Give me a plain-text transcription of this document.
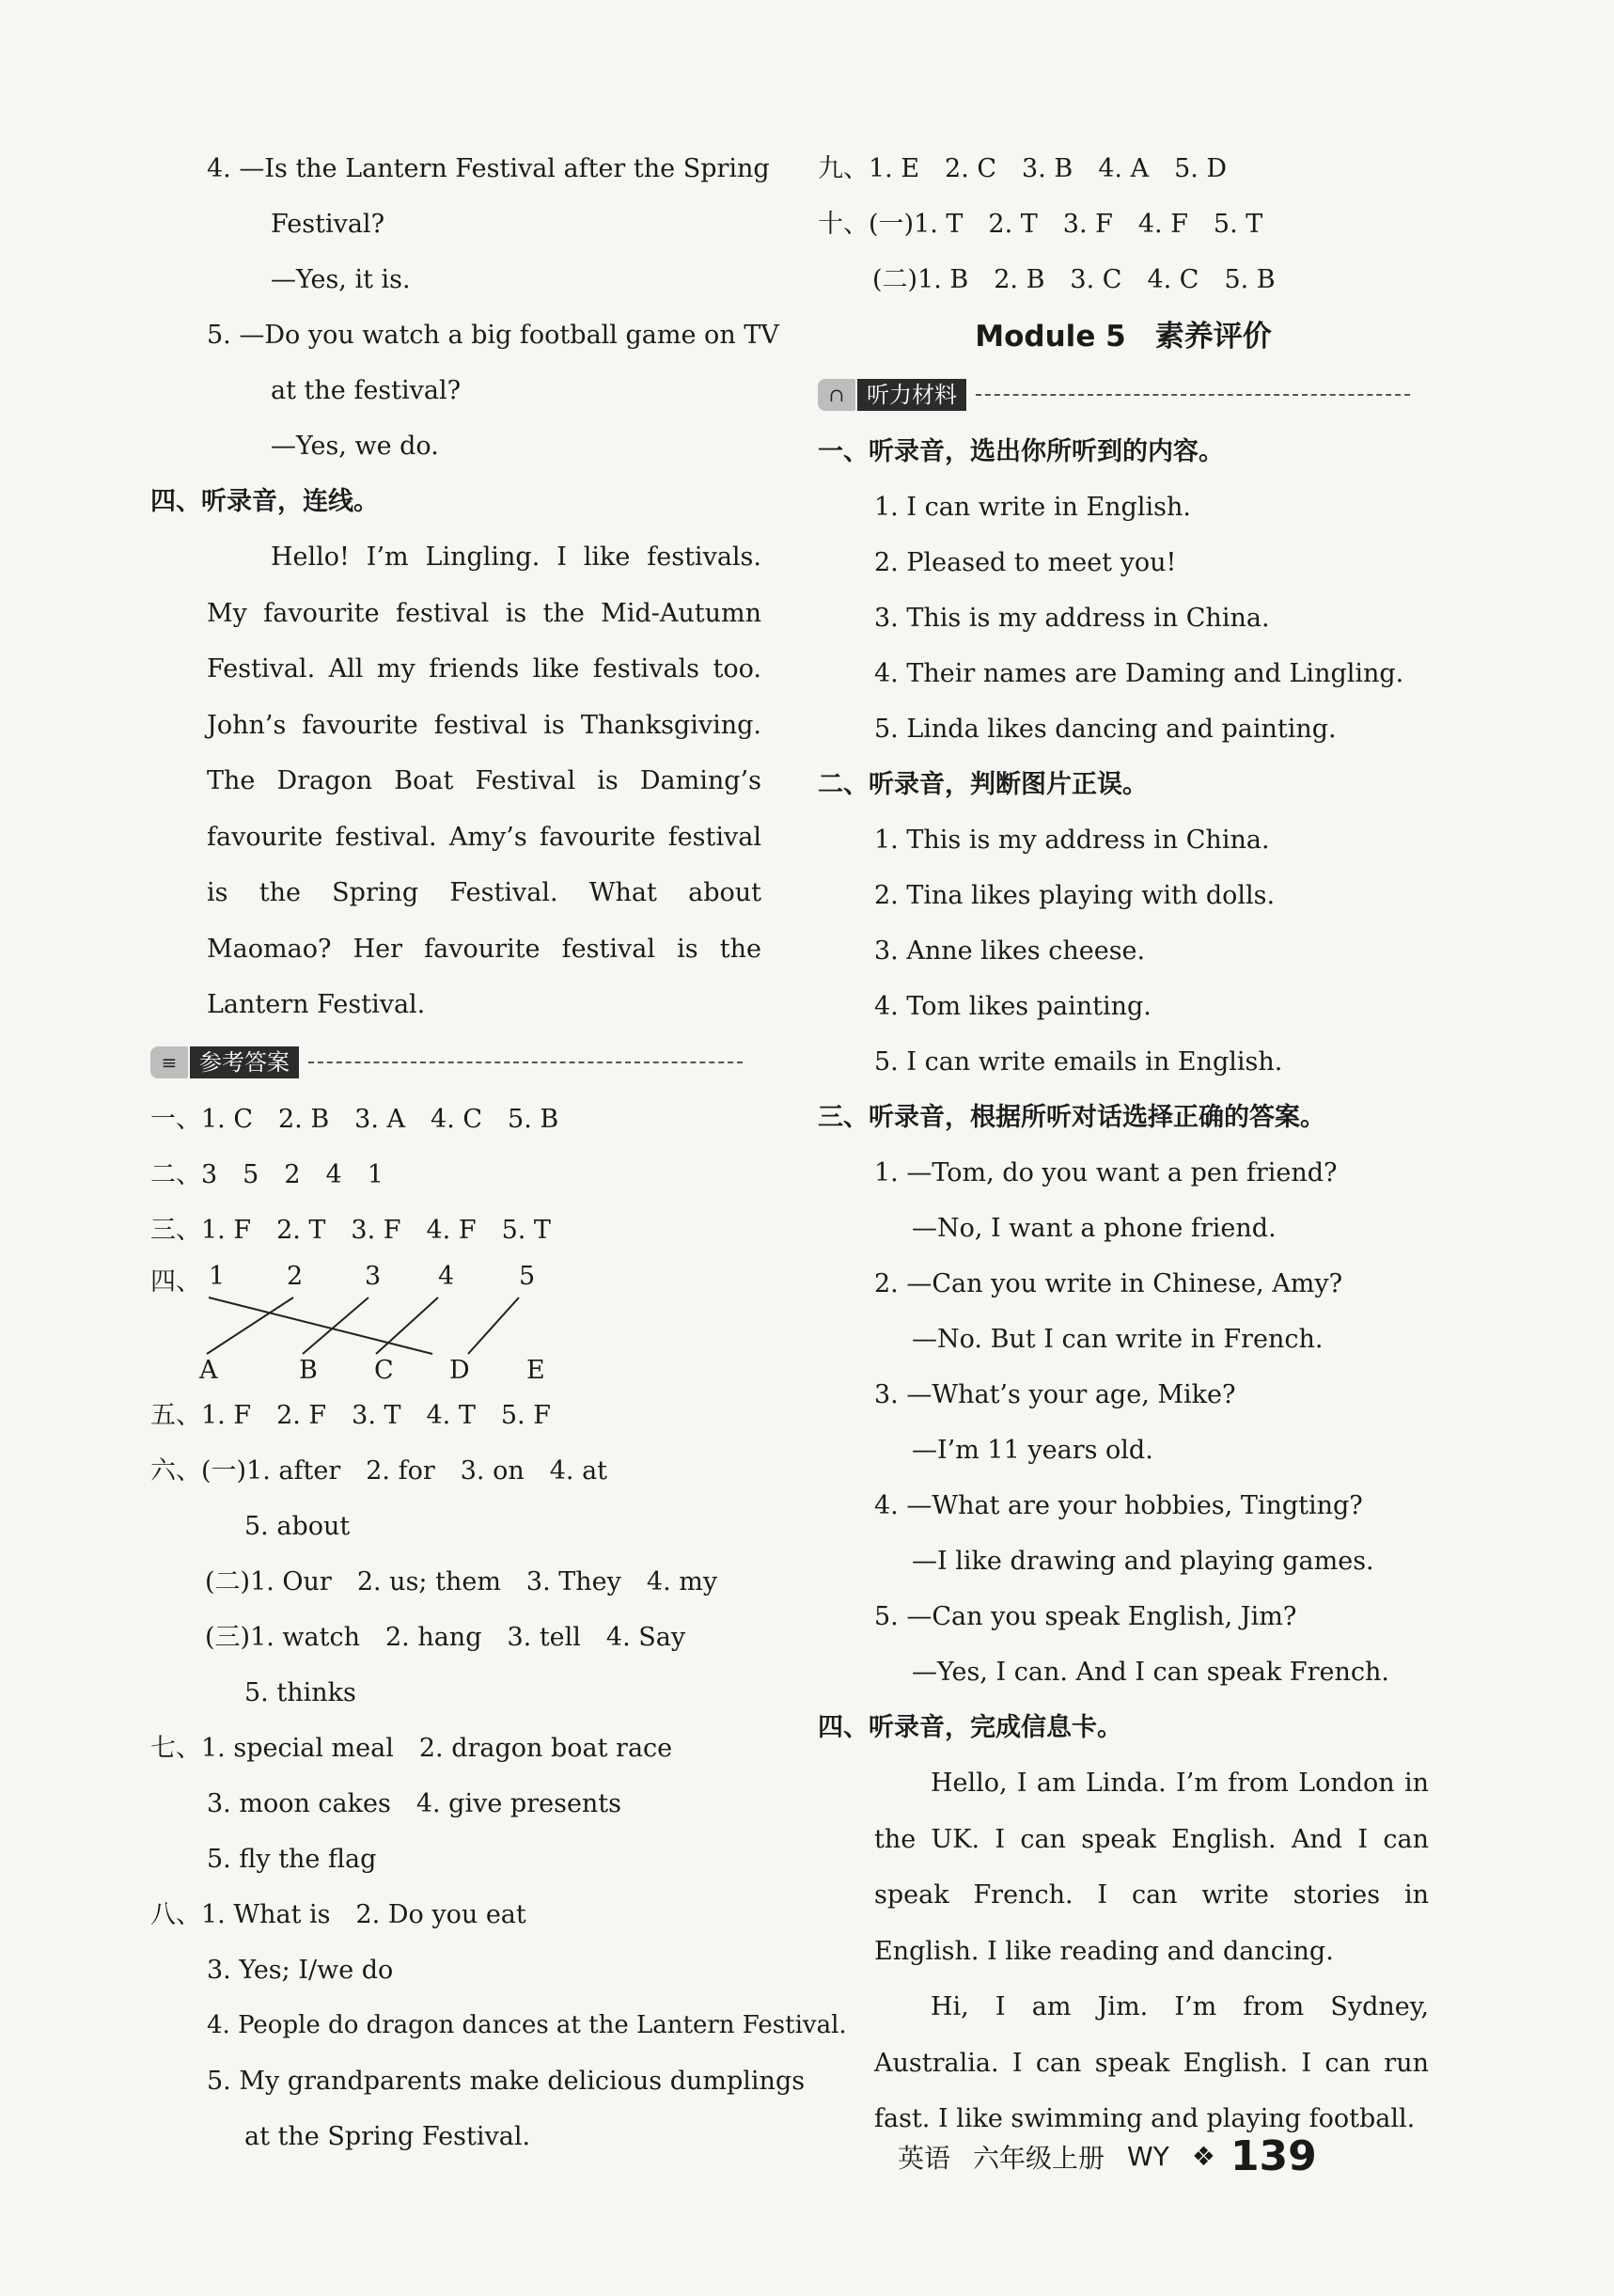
4. —Is the Lantern Festival after the Spring
Festival?
—Yes, it is.
5. —Do you watch a big football game on TV
at the festival?
—Yes, we do.
四、听录音，连线。
Hello! I’m Lingling. I like festivals. My favourite festival is the Mid-Autumn Festival. All my friends like festivals too. John’s favourite festival is Thanksgiving. The Dragon Boat Festival is Daming’s favourite festival. Amy’s favourite festival is the Spring Festival. What about Maomao? Her favourite festival is the Lantern Festival.
≡ 参考答案
一、1. C　2. B　3. A　4. C　5. B
二、3　5　2　4　1
三、1. F　2. T　3. F　4. F　5. T
四、 1 2 3 4	5
A	B C D E
五、1. F　2. F　3. T　4. T　5. F
六、(一)1. after　2. for　3. on　4. at
5. about
(二)1. Our　2. us; them　3. They　4. my
(三)1. watch　2. hang　3. tell　4. Say
5. thinks
七、1. special meal　2. dragon boat race
3. moon cakes　4. give presents
5. fly the flag
八、1. What is　2. Do you eat
3. Yes; I/we do
4. People do dragon dances at the Lantern Festival.
5. My grandparents make delicious dumplings
at the Spring Festival.
九、1. E　2. C　3. B　4. A　5. D
十、(一)1. T　2. T　3. F　4. F　5. T
(二)1. B　2. B　3. C　4. C　5. B
Module 5　素养评价
∩ 听力材料
一、听录音，选出你所听到的内容。
1. I can write in English.
2. Pleased to meet you!
3. This is my address in China.
4. Their names are Daming and Lingling.
5. Linda likes dancing and painting.
二、听录音，判断图片正误。
1. This is my address in China.
2. Tina likes playing with dolls.
3. Anne likes cheese.
4. Tom likes painting.
5. I can write emails in English.
三、听录音，根据所听对话选择正确的答案。
1. —Tom, do you want a pen friend?
—No, I want a phone friend.
2. —Can you write in Chinese, Amy?
—No. But I can write in French.
3. —What’s your age, Mike?
—I’m 11 years old.
4. —What are your hobbies, Tingting?
—I like drawing and playing games.
5. —Can you speak English, Jim?
—Yes, I can. And I can speak French.
四、听录音，完成信息卡。
Hello, I am Linda. I’m from London in the UK. I can speak English. And I can speak French. I can write stories in English. I like reading and dancing.
Hi, I am Jim. I’m from Sydney, Australia. I can speak English. I can run fast. I like swimming and playing football.
英语 六年级上册 WY ❖ 139
